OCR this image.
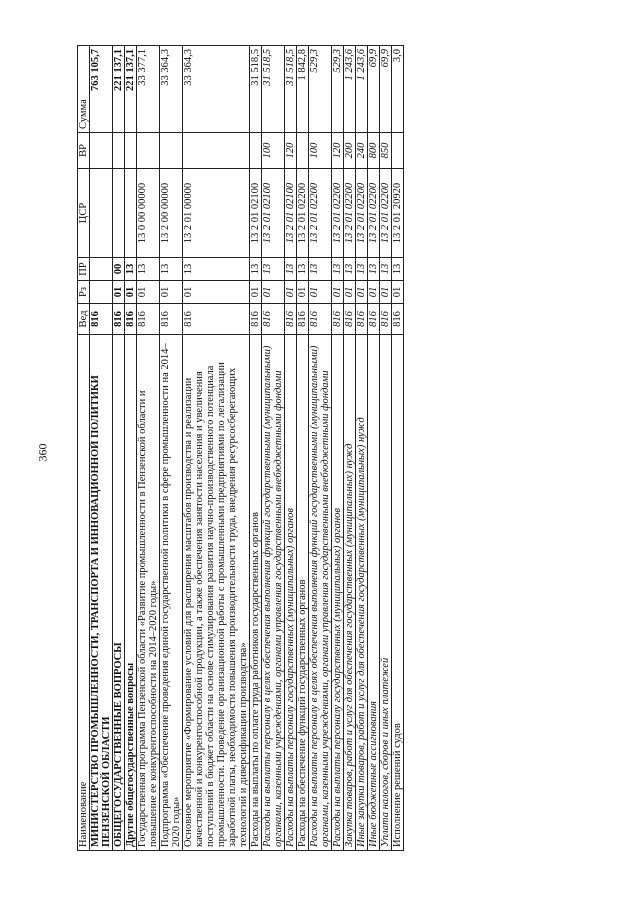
360
Наименование	Вед	Рз	ПР	ЦСР	ВР	Сумма
МИНИСТЕРСТВО ПРОМЫШЛЕННОСТИ, ТРАНСПОРТА И ИННОВАЦИОННОЙ ПОЛИТИКИ ПЕНЗЕНСКОЙ ОБЛАСТИ	816					763 105,7
ОБЩЕГОСУДАРСТВЕННЫЕ ВОПРОСЫ	816	01	00			221 137,1
Другие общегосударственные вопросы	816	01	13			221 137,1
Государственная программа Пензенской области «Развитие промышленности в Пензенской области и повышение ее конкурентоспособности на 2014–2020 годы»	816	01	13	13 0 00 00000		33 377,1
Подпрограмма «Обеспечение проведения единой государственной политики в сфере промышленности на 2014–2020 годы»	816	01	13	13 2 00 00000		33 364,3
Основное мероприятие «Формирование условий для расширения масштабов производства и реализации качественной и конкурентоспособной продукции, а также обеспечения занятости населения и увеличения поступлений в бюджет области на основе стимулирования развития научно-производственного потенциала промышленности. Проведение организационной работы с промышленными предприятиями по легализации заработной платы, необходимости повышения производительности труда, внедрения ресурсосберегающих технологий и диверсификации производства»	816	01	13	13 2 01 00000		33 364,3
Расходы на выплаты по оплате труда работников государственных органов	816	01	13	13 2 01 02100		31 518,5
Расходы на выплаты персоналу в целях обеспечения выполнения функций государственными (муниципальными) органами, казенными учреждениями, органами управления государственными внебюджетными фондами	816	01	13	13 2 01 02100	100	31 518,5
Расходы на выплаты персоналу государственных (муниципальных) органов	816	01	13	13 2 01 02100	120	31 518,5
Расходы на обеспечение функций государственных органов	816	01	13	13 2 01 02200		1 842,8
Расходы на выплаты персоналу в целях обеспечения выполнения функций государственными (муниципальными) органами, казенными учреждениями, органами управления государственными внебюджетными фондами	816	01	13	13 2 01 02200	100	529,3
Расходы на выплаты персоналу государственных (муниципальных) органов	816	01	13	13 2 01 02200	120	529,3
Закупка товаров, работ и услуг для обеспечения государственных (муниципальных) нужд	816	01	13	13 2 01 02200	200	1 243,6
Иные закупки товаров, работ и услуг для обеспечения государственных (муниципальных) нужд	816	01	13	13 2 01 02200	240	1 243,6
Иные бюджетные ассигнования	816	01	13	13 2 01 02200	800	69,9
Уплата налогов, сборов и иных платежей	816	01	13	13 2 01 02200	850	69,9
Исполнение решений судов	816	01	13	13 2 01 20920		3,0
